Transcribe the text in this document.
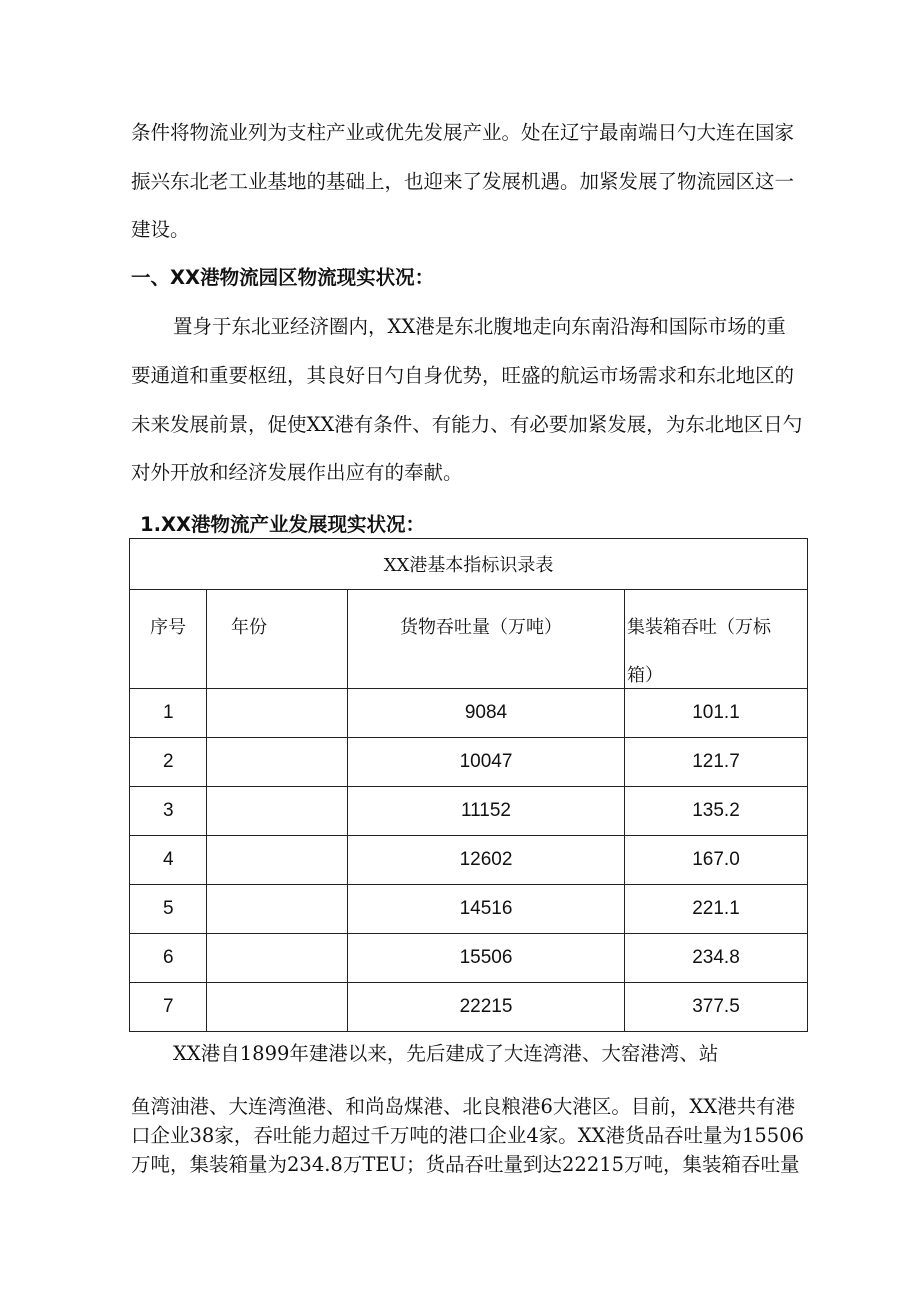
条件将物流业列为支柱产业或优先发展产业。处在辽宁最南端日勺大连在国家
振兴东北老工业基地的基础上，也迎来了发展机遇。加紧发展了物流园区这一
建设。
一、XX港物流园区物流现实状况：
置身于东北亚经济圈内，XX港是东北腹地走向东南沿海和国际市场的重
要通道和重要枢纽，其良好日勺自身优势，旺盛的航运市场需求和东北地区的
未来发展前景，促使XX港有条件、有能力、有必要加紧发展，为东北地区日勺
对外开放和经济发展作出应有的奉献。
1.XX港物流产业发展现实状况：
XX港基本指标识录表			

序号	年份	货物吞吐量（万吨）	集装箱吞吐（万标
箱）

1		9084	101.1
2		10047	121.7
3		11152	135.2
4		12602	167.0
5		14516	221.1
6		15506	234.8
7		22215	377.5
XX港自1899年建港以来，先后建成了大连湾港、大窑港湾、站
鱼湾油港、大连湾渔港、和尚岛煤港、北良粮港6大港区。目前，XX港共有港
口企业38家，吞吐能力超过千万吨的港口企业4家。XX港货品吞吐量为15506
万吨，集装箱量为234.8万TEU；货品吞吐量到达22215万吨，集装箱吞吐量
